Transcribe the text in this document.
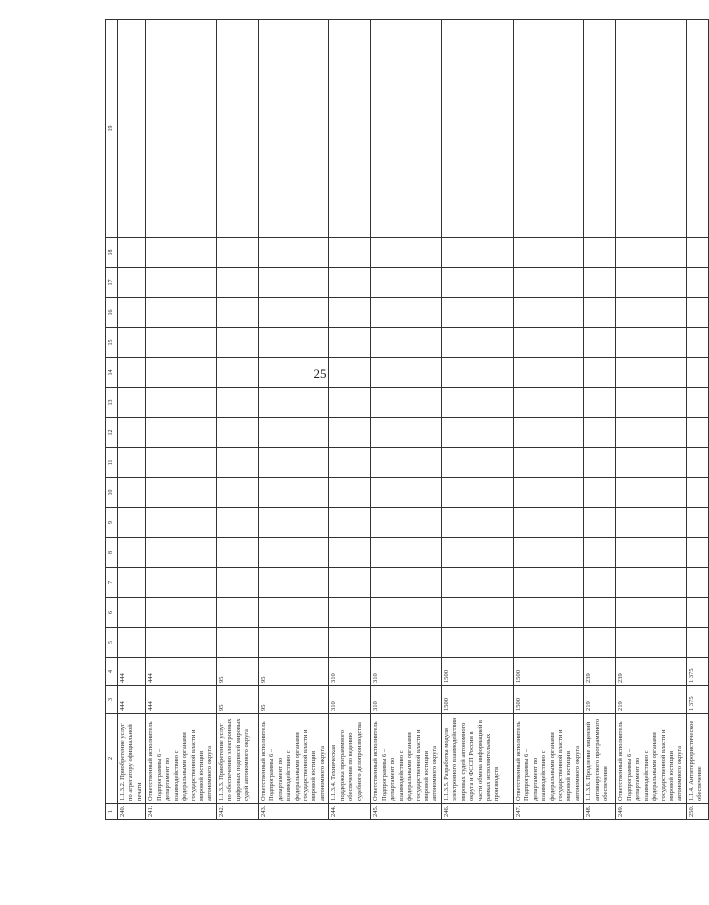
25
1	2	3	4	5	6	7	8	9	10	11	12	13	14	15	16	17	18	19
240.	1.1.3.2. Приобретение услуг по агрегатору официальной печати	444	444															
241.	Ответственный исполнитель Подпрограммы 6 – департамент по взаимодействию с федеральными органами государственной власти и мировой юстиции автономного округа	444	444															
242.	1.1.3.3. Приобретение услуг по обеспечению электронных цифровых подписей мировых судей автономного округа	95	95															
243.	Ответственный исполнитель Подпрограммы 6 – департамент по взаимодействию с федеральными органами государственной власти и мировой юстиции автономного округа	95	95															
244.	1.1.3.4. Техническая поддержка программного обеспечения по ведению судебного делопроизводства	310	310															
245.	Ответственный исполнитель Подпрограммы 6 – департамент по взаимодействию с федеральными органами государственной власти и мировой юстиции автономного округа	310	310															
246.	1.1.3.5. Разработка модуля электронного взаимодействия мировых судей автономного округа и ФССП России в части обмена информацией в рамках исполнительных производств	1500	1500															
247.	Ответственный исполнитель Подпрограммы 6 – департамент по взаимодействию с федеральными органами государственной власти и мировой юстиции автономного округа	1500	1500															
248.	1.1.3.6. Продление лицензий антивирусного программного обеспечения	219	239															
249.	Ответственный исполнитель Подпрограммы 6 – департамент по взаимодействию с федеральными органами государственной власти и мировой юстиции автономного округа	219	239															
250.	1.1.4. Антитеррористическое обеспечение	1 375	1 375															
